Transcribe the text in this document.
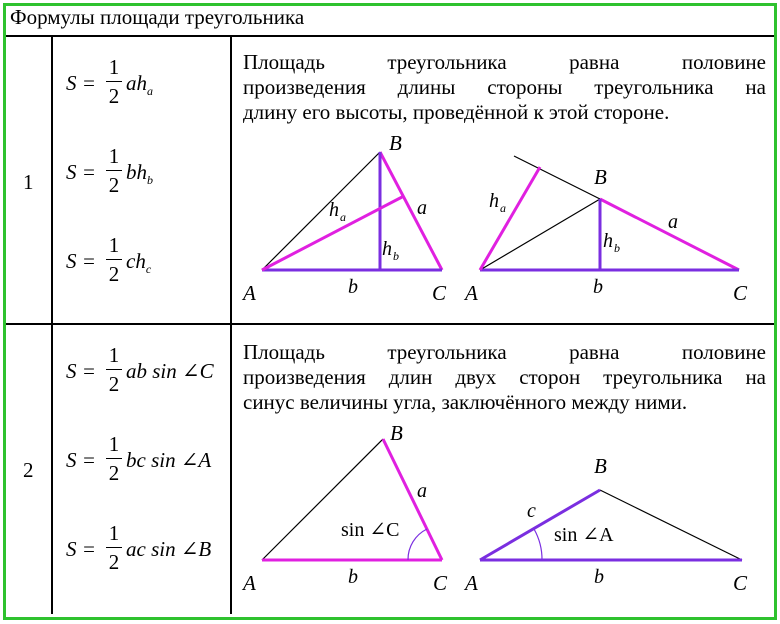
Формулы площади треугольника
1
2
S =
1
2
$ah_a$
S =
1
2
$bh_b$
S =
1
2
$ch_c$
S =
1
2
ab sin ∠C
S =
1
2
bc sin ∠A
S =
1
2
ac sin ∠B
Площадь треугольника равна половине
произведения длины стороны треугольника на
длину его высоты, проведённой к этой стороне.
Площадь треугольника равна половине
произведения длин двух сторон треугольника на
синус величины угла, заключённого между ними.
A
B
C
b
a
h a
h b
A
B
C
b
a
h a
h b
A
B
C
b
a
sin ∠C
A
B
C
b
c
sin ∠A
